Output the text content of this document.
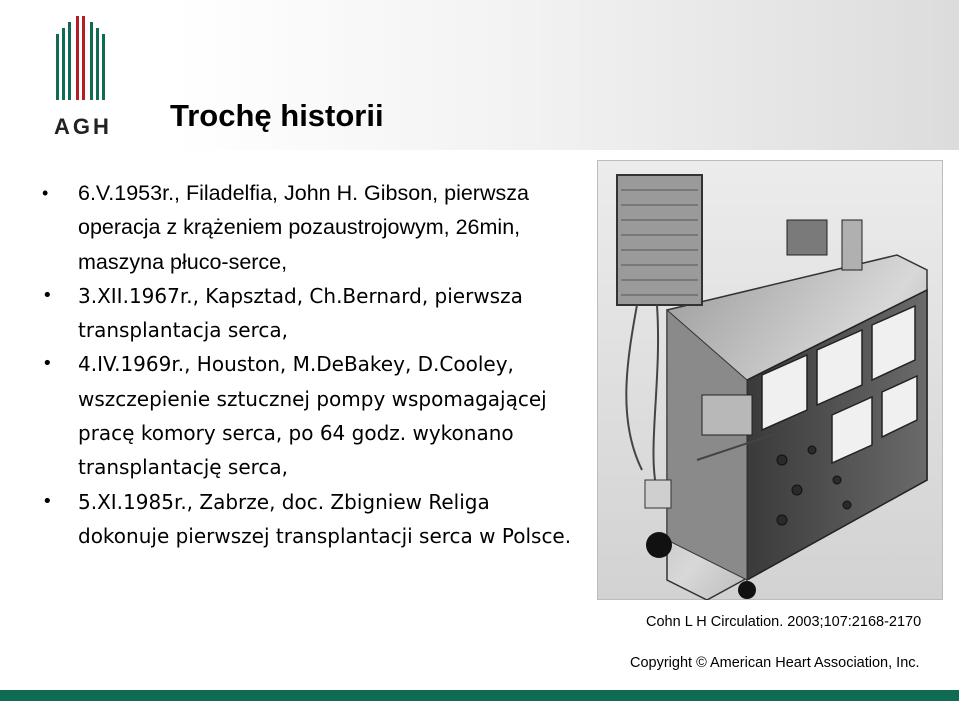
AGH Trochę historii
• 6.V.1953r., Filadelfia, John H. Gibson, pierwsza operacja z krążeniem pozaustrojowym, 26min, maszyna płuco-serce,
• 3.XII.1967r., Kapsztad, Ch.Bernard, pierwsza transplantacja serca,
• 4.IV.1969r., Houston, M.DeBakey, D.Cooley, wszczepienie sztucznej pompy wspomagającej pracę komory serca, po 64 godz. wykonano transplantację serca,
• 5.XI.1985r., Zabrze, doc. Zbigniew Religa dokonuje pierwszej transplantacji serca w Polsce.
Cohn L H Circulation. 2003;107:2168-2170
Copyright © American Heart Association, Inc.
